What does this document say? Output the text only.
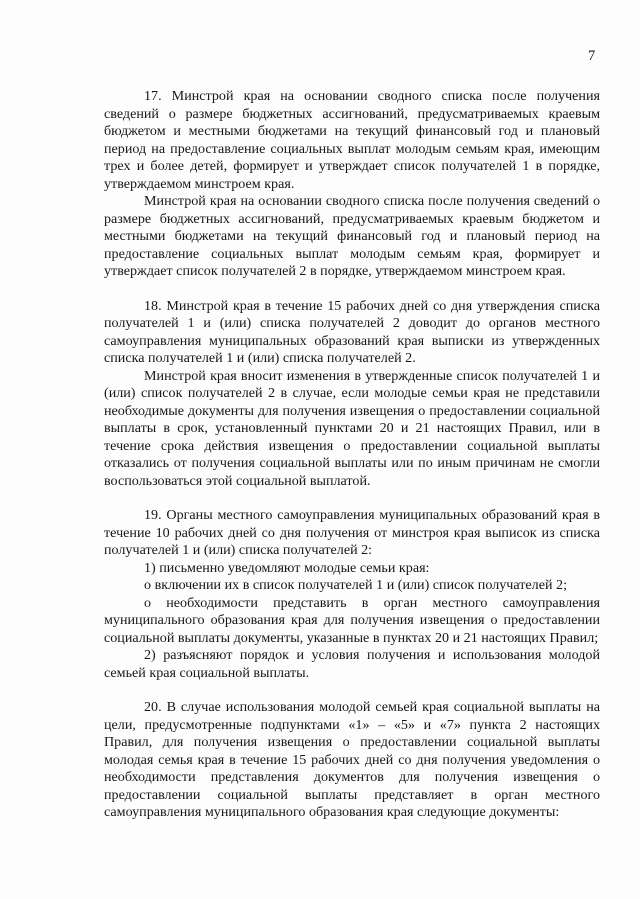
7

17. Минстрой края на основании сводного списка после получения сведений о размере бюджетных ассигнований, предусматриваемых краевым бюджетом и местными бюджетами на текущий финансовый год и плановый период на предоставление социальных выплат молодым семьям края, имеющим трех и более детей, формирует и утверждает список получателей 1 в порядке, утверждаемом минстроем края.

Минстрой края на основании сводного списка после получения сведений о размере бюджетных ассигнований, предусматриваемых краевым бюджетом и местными бюджетами на текущий финансовый год и плановый период на предоставление социальных выплат молодым семьям края, формирует и утверждает список получателей 2 в порядке, утверждаемом минстроем края.

18. Минстрой края в течение 15 рабочих дней со дня утверждения списка получателей 1 и (или) списка получателей 2 доводит до органов местного самоуправления муниципальных образований края выписки из утвержденных списка получателей 1 и (или) списка получателей 2.

Минстрой края вносит изменения в утвержденные список получателей 1 и (или) список получателей 2 в случае, если молодые семьи края не представили необходимые документы для получения извещения о предоставлении социальной выплаты в срок, установленный пунктами 20 и 21 настоящих Правил, или в течение срока действия извещения о предоставлении социальной выплаты отказались от получения социальной выплаты или по иным причинам не смогли воспользоваться этой социальной выплатой.

19. Органы местного самоуправления муниципальных образований края в течение 10 рабочих дней со дня получения от минстроя края выписок из списка получателей 1 и (или) списка получателей 2:

1) письменно уведомляют молодые семьи края:

о включении их в список получателей 1 и (или) список получателей 2;

о необходимости представить в орган местного самоуправления муниципального образования края для получения извещения о предоставлении социальной выплаты документы, указанные в пунктах 20 и 21 настоящих Правил;

2) разъясняют порядок и условия получения и использования молодой семьей края социальной выплаты.

20. В случае использования молодой семьей края социальной выплаты на цели, предусмотренные подпунктами «1» – «5» и «7» пункта 2 настоящих Правил, для получения извещения о предоставлении социальной выплаты молодая семья края в течение 15 рабочих дней со дня получения уведомления о необходимости представления документов для получения извещения о предоставлении социальной выплаты представляет в орган местного самоуправления муниципального образования края следующие документы:
